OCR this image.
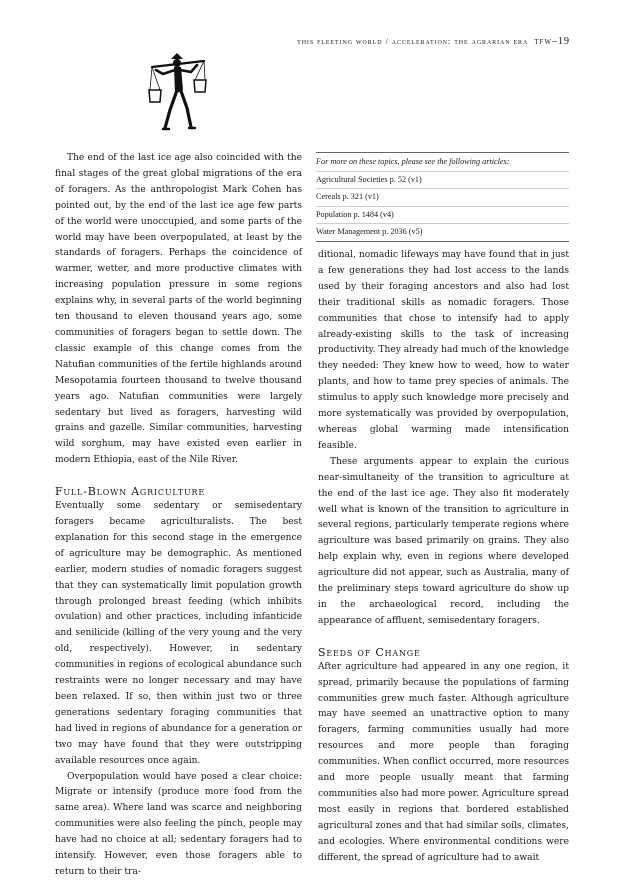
this fleeting world / acceleration: the agrarian era tfw–19

The end of the last ice age also coincided with the final stages of the great global migrations of the era of foragers. As the anthropologist Mark Cohen has pointed out, by the end of the last ice age few parts of the world were unoccupied, and some parts of the world may have been overpopulated, at least by the standards of foragers. Perhaps the coincidence of warmer, wetter, and more productive climates with increasing population pressure in some regions explains why, in several parts of the world beginning ten thousand to eleven thousand years ago, some communities of foragers began to settle down. The classic example of this change comes from the Natufian communities of the fertile highlands around Mesopotamia fourteen thousand to twelve thousand years ago. Natufian communities were largely sedentary but lived as foragers, harvesting wild grains and gazelle. Similar communities, harvesting wild sorghum, may have existed even earlier in modern Ethiopia, east of the Nile River.

Full-Blown Agriculture

Eventually some sedentary or semisedentary foragers became agriculturalists. The best explanation for this second stage in the emergence of agriculture may be demographic. As mentioned earlier, modern studies of nomadic foragers suggest that they can systematically limit population growth through prolonged breast feeding (which inhibits ovulation) and other practices, including infanticide and senilicide (killing of the very young and the very old, respectively). However, in sedentary communities in regions of ecological abundance such restraints were no longer necessary and may have been relaxed. If so, then within just two or three generations sedentary foraging communities that had lived in regions of abundance for a generation or two may have found that they were outstripping available resources once again.

Overpopulation would have posed a clear choice: Migrate or intensify (produce more food from the same area). Where land was scarce and neighboring communities were also feeling the pinch, people may have had no choice at all; sedentary foragers had to intensify. However, even those foragers able to return to their tra-

For more on these topics, please see the following articles:
Agricultural Societies p. 52 (v1)
Cereals p. 321 (v1)
Population p. 1484 (v4)
Water Management p. 2036 (v5)

ditional, nomadic lifeways may have found that in just a few generations they had lost access to the lands used by their foraging ancestors and also had lost their traditional skills as nomadic foragers. Those communities that chose to intensify had to apply already-existing skills to the task of increasing productivity. They already had much of the knowledge they needed: They knew how to weed, how to water plants, and how to tame prey species of animals. The stimulus to apply such knowledge more precisely and more systematically was provided by overpopulation, whereas global warming made intensification feasible.

These arguments appear to explain the curious near-simultaneity of the transition to agriculture at the end of the last ice age. They also fit moderately well what is known of the transition to agriculture in several regions, particularly temperate regions where agriculture was based primarily on grains. They also help explain why, even in regions where developed agriculture did not appear, such as Australia, many of the preliminary steps toward agriculture do show up in the archaeological record, including the appearance of affluent, semisedentary foragers.

Seeds of Change

After agriculture had appeared in any one region, it spread, primarily because the populations of farming communities grew much faster. Although agriculture may have seemed an unattractive option to many foragers, farming communities usually had more resources and more people than foraging communities. When conflict occurred, more resources and more people usually meant that farming communities also had more power. Agriculture spread most easily in regions that bordered established agricultural zones and that had similar soils, climates, and ecologies. Where environmental conditions were different, the spread of agriculture had to await
